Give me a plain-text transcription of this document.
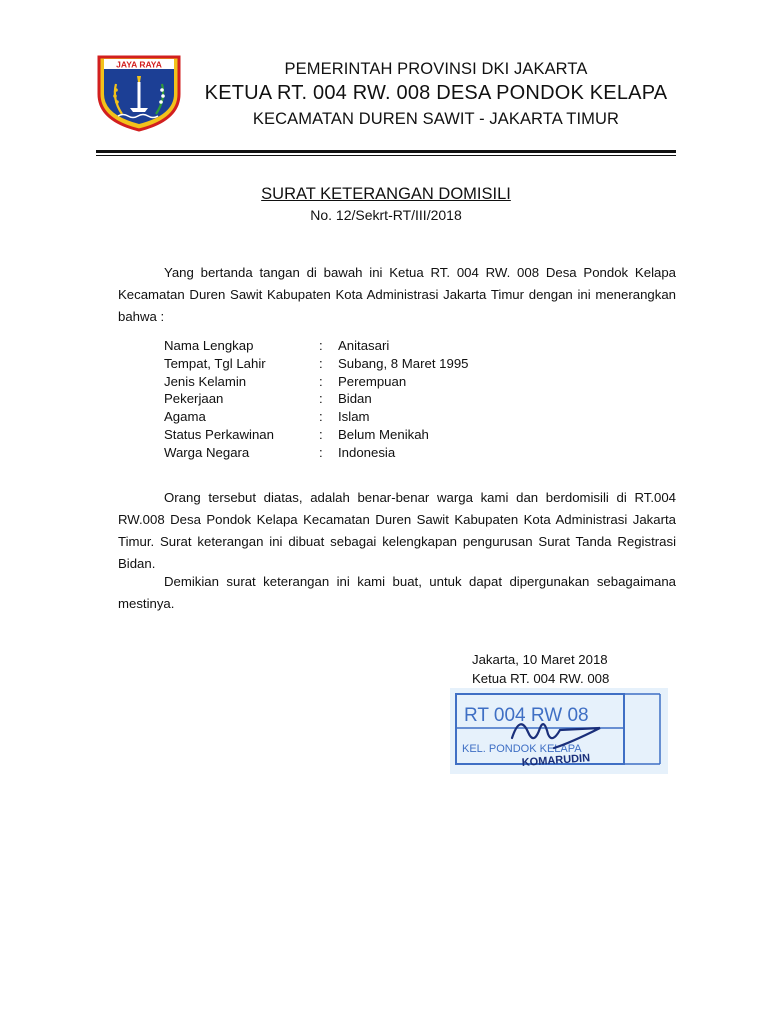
JAYA RAYA	PEMERINTAH PROVINSI DKI JAKARTA
KETUA RT. 004 RW. 008 DESA PONDOK KELAPA
KECAMATAN DUREN SAWIT - JAKARTA TIMUR
SURAT KETERANGAN DOMISILI
No. 12/Sekrt-RT/III/2018
Yang bertanda tangan di bawah ini Ketua RT. 004 RW. 008 Desa Pondok Kelapa Kecamatan Duren Sawit Kabupaten Kota Administrasi Jakarta Timur dengan ini menerangkan bahwa :
Nama Lengkap	: Anitasari
Tempat, Tgl Lahir	: Subang, 8 Maret 1995
Jenis Kelamin	: Perempuan
Pekerjaan	: Bidan
Agama	: Islam
Status Perkawinan	: Belum Menikah
Warga Negara	: Indonesia
Orang tersebut diatas, adalah benar-benar warga kami dan berdomisili di RT.004 RW.008 Desa Pondok Kelapa Kecamatan Duren Sawit Kabupaten Kota Administrasi Jakarta Timur. Surat keterangan ini dibuat sebagai kelengkapan pengurusan Surat Tanda Registrasi Bidan.
Demikian surat keterangan ini kami buat, untuk dapat dipergunakan sebagaimana mestinya.
Jakarta, 10 Maret 2018
Ketua RT. 004 RW. 008
RT 004 RW 08
KEL. PONDOK KELAPA
KOMARUDIN
